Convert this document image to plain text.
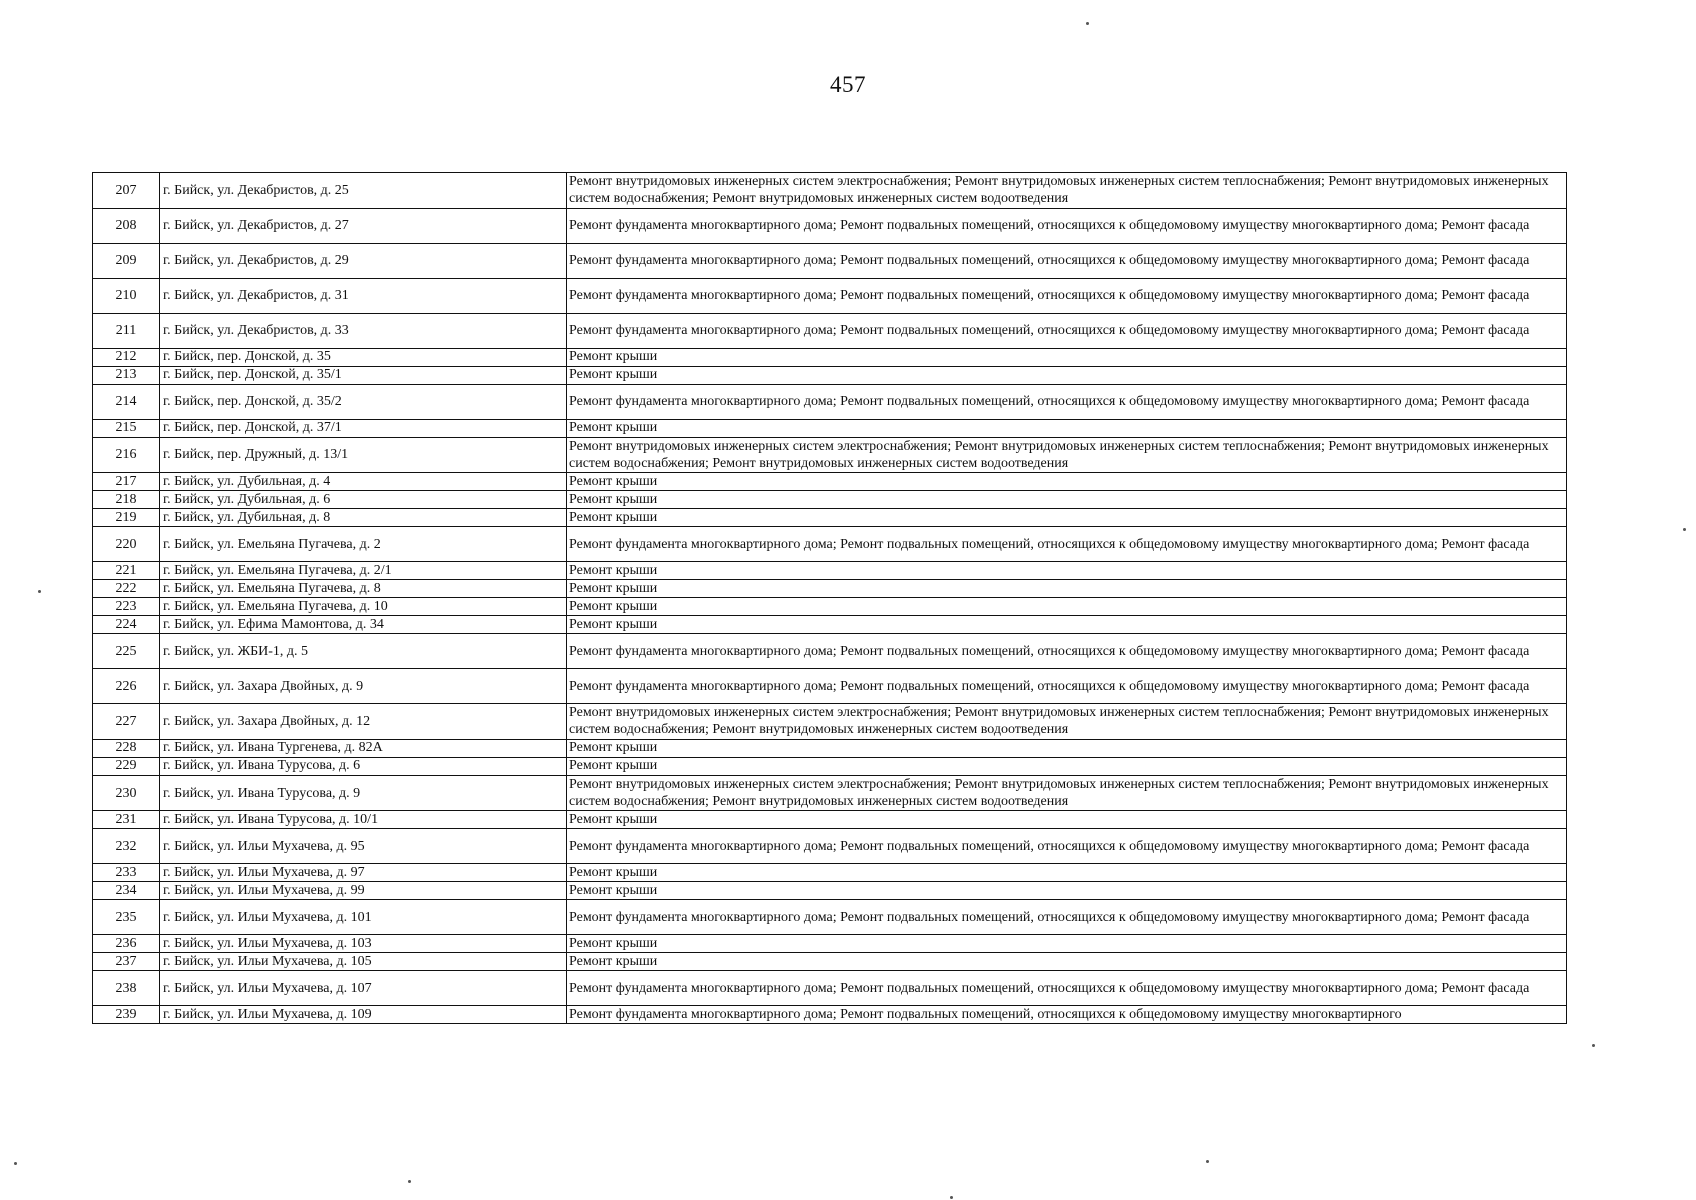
457
207	г. Бийск, ул. Декабристов, д. 25	Ремонт внутридомовых инженерных систем электроснабжения; Ремонт внутридомовых инженерных систем теплоснабжения; Ремонт внутридомовых инженерных систем водоснабжения; Ремонт внутридомовых инженерных систем водоотведения
208	г. Бийск, ул. Декабристов, д. 27	Ремонт фундамента многоквартирного дома; Ремонт подвальных помещений, относящихся к общедомовому имуществу многоквартирного дома; Ремонт фасада
209	г. Бийск, ул. Декабристов, д. 29	Ремонт фундамента многоквартирного дома; Ремонт подвальных помещений, относящихся к общедомовому имуществу многоквартирного дома; Ремонт фасада
210	г. Бийск, ул. Декабристов, д. 31	Ремонт фундамента многоквартирного дома; Ремонт подвальных помещений, относящихся к общедомовому имуществу многоквартирного дома; Ремонт фасада
211	г. Бийск, ул. Декабристов, д. 33	Ремонт фундамента многоквартирного дома; Ремонт подвальных помещений, относящихся к общедомовому имуществу многоквартирного дома; Ремонт фасада
212	г. Бийск, пер. Донской, д. 35	Ремонт крыши
213	г. Бийск, пер. Донской, д. 35/1	Ремонт крыши
214	г. Бийск, пер. Донской, д. 35/2	Ремонт фундамента многоквартирного дома; Ремонт подвальных помещений, относящихся к общедомовому имуществу многоквартирного дома; Ремонт фасада
215	г. Бийск, пер. Донской, д. 37/1	Ремонт крыши
216	г. Бийск, пер. Дружный, д. 13/1	Ремонт внутридомовых инженерных систем электроснабжения; Ремонт внутридомовых инженерных систем теплоснабжения; Ремонт внутридомовых инженерных систем водоснабжения; Ремонт внутридомовых инженерных систем водоотведения
217	г. Бийск, ул. Дубильная, д. 4	Ремонт крыши
218	г. Бийск, ул. Дубильная, д. 6	Ремонт крыши
219	г. Бийск, ул. Дубильная, д. 8	Ремонт крыши
220	г. Бийск, ул. Емельяна Пугачева, д. 2	Ремонт фундамента многоквартирного дома; Ремонт подвальных помещений, относящихся к общедомовому имуществу многоквартирного дома; Ремонт фасада
221	г. Бийск, ул. Емельяна Пугачева, д. 2/1	Ремонт крыши
222	г. Бийск, ул. Емельяна Пугачева, д. 8	Ремонт крыши
223	г. Бийск, ул. Емельяна Пугачева, д. 10	Ремонт крыши
224	г. Бийск, ул. Ефима Мамонтова, д. 34	Ремонт крыши
225	г. Бийск, ул. ЖБИ-1, д. 5	Ремонт фундамента многоквартирного дома; Ремонт подвальных помещений, относящихся к общедомовому имуществу многоквартирного дома; Ремонт фасада
226	г. Бийск, ул. Захара Двойных, д. 9	Ремонт фундамента многоквартирного дома; Ремонт подвальных помещений, относящихся к общедомовому имуществу многоквартирного дома; Ремонт фасада
227	г. Бийск, ул. Захара Двойных, д. 12	Ремонт внутридомовых инженерных систем электроснабжения; Ремонт внутридомовых инженерных систем теплоснабжения; Ремонт внутридомовых инженерных систем водоснабжения; Ремонт внутридомовых инженерных систем водоотведения
228	г. Бийск, ул. Ивана Тургенева, д. 82А	Ремонт крыши
229	г. Бийск, ул. Ивана Турусова, д. 6	Ремонт крыши
230	г. Бийск, ул. Ивана Турусова, д. 9	Ремонт внутридомовых инженерных систем электроснабжения; Ремонт внутридомовых инженерных систем теплоснабжения; Ремонт внутридомовых инженерных систем водоснабжения; Ремонт внутридомовых инженерных систем водоотведения
231	г. Бийск, ул. Ивана Турусова, д. 10/1	Ремонт крыши
232	г. Бийск, ул. Ильи Мухачева, д. 95	Ремонт фундамента многоквартирного дома; Ремонт подвальных помещений, относящихся к общедомовому имуществу многоквартирного дома; Ремонт фасада
233	г. Бийск, ул. Ильи Мухачева, д. 97	Ремонт крыши
234	г. Бийск, ул. Ильи Мухачева, д. 99	Ремонт крыши
235	г. Бийск, ул. Ильи Мухачева, д. 101	Ремонт фундамента многоквартирного дома; Ремонт подвальных помещений, относящихся к общедомовому имуществу многоквартирного дома; Ремонт фасада
236	г. Бийск, ул. Ильи Мухачева, д. 103	Ремонт крыши
237	г. Бийск, ул. Ильи Мухачева, д. 105	Ремонт крыши
238	г. Бийск, ул. Ильи Мухачева, д. 107	Ремонт фундамента многоквартирного дома; Ремонт подвальных помещений, относящихся к общедомовому имуществу многоквартирного дома; Ремонт фасада
239	г. Бийск, ул. Ильи Мухачева, д. 109	Ремонт фундамента многоквартирного дома; Ремонт подвальных помещений, относящихся к общедомовому имуществу многоквартирного
